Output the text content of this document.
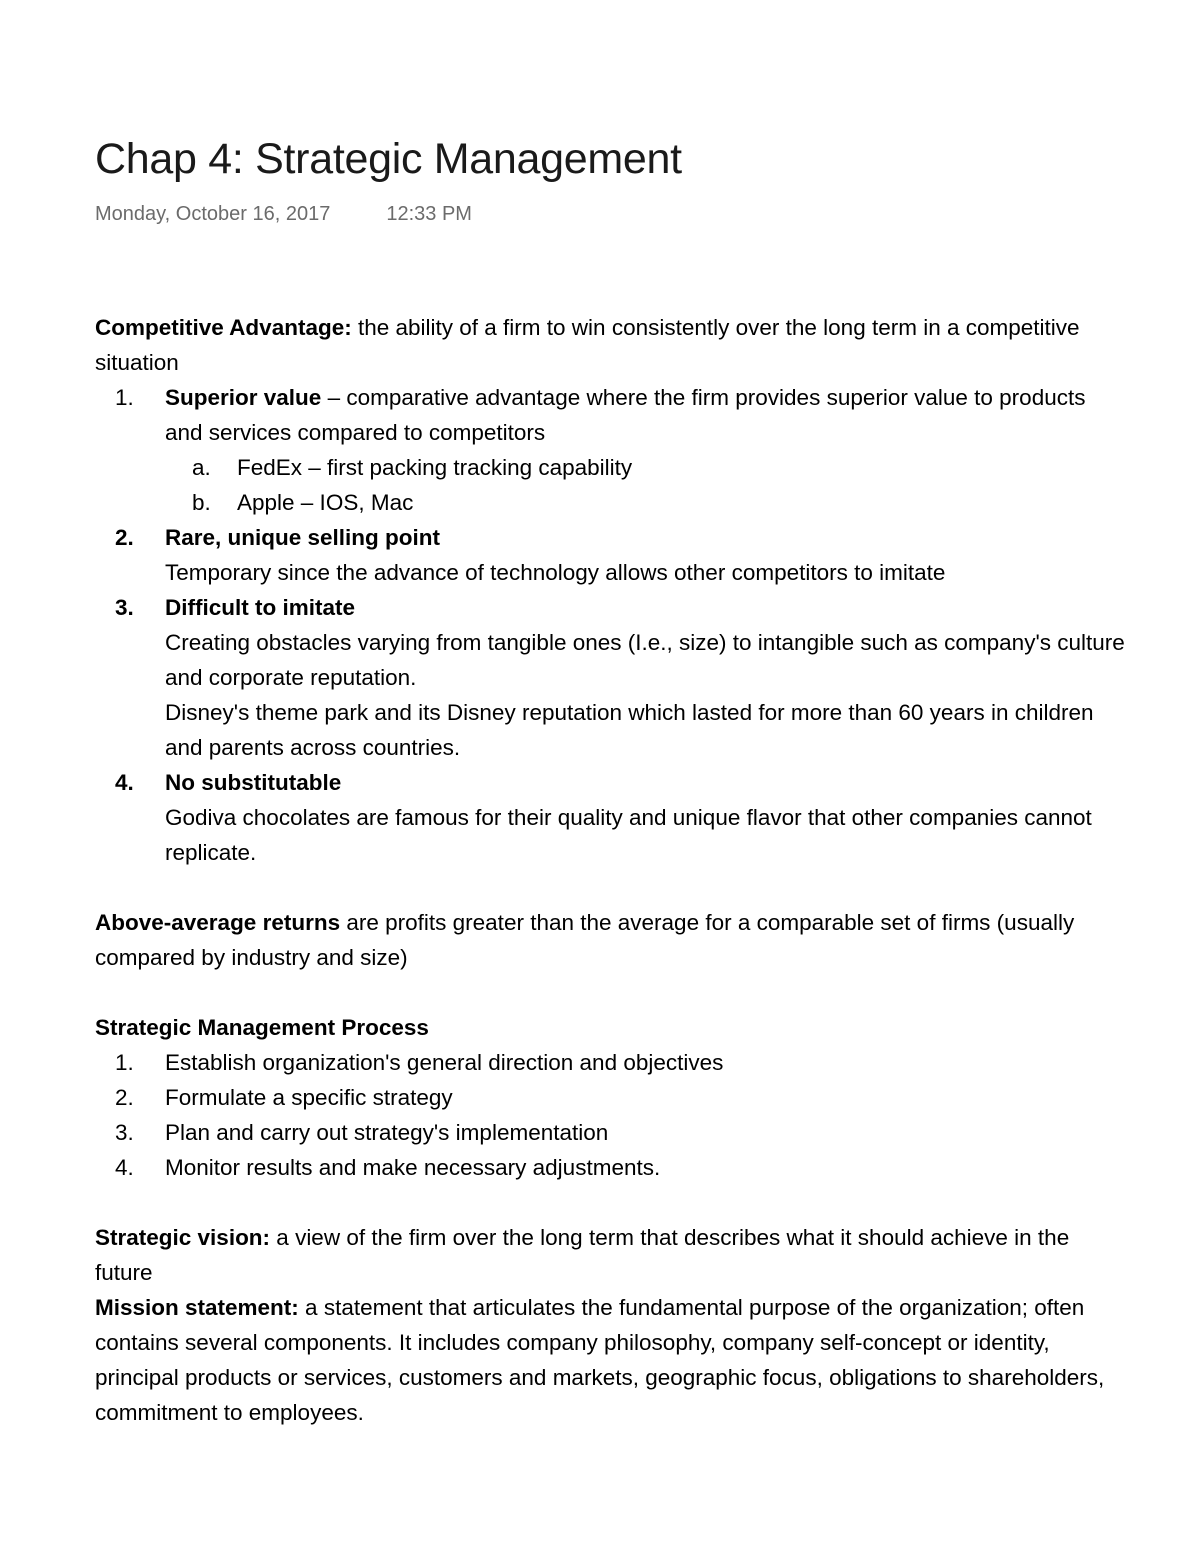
Chap 4: Strategic Management
Monday, October 16, 2017	12:33 PM

Competitive Advantage: the ability of a firm to win consistently over the long term in a competitive situation

1. Superior value – comparative advantage where the firm provides superior value to products and services compared to competitors
a. FedEx – first packing tracking capability
b. Apple – IOS, Mac
2. Rare, unique selling point
Temporary since the advance of technology allows other competitors to imitate
3. Difficult to imitate
Creating obstacles varying from tangible ones (I.e., size) to intangible such as company's culture and corporate reputation.
Disney's theme park and its Disney reputation which lasted for more than 60 years in children and parents across countries.
4. No substitutable
Godiva chocolates are famous for their quality and unique flavor that other companies cannot replicate.

Above-average returns are profits greater than the average for a comparable set of firms (usually compared by industry and size)

Strategic Management Process

1. Establish organization's general direction and objectives
2. Formulate a specific strategy
3. Plan and carry out strategy's implementation
4. Monitor results and make necessary adjustments.

Strategic vision: a view of the firm over the long term that describes what it should achieve in the future

Mission statement: a statement that articulates the fundamental purpose of the organization; often contains several components. It includes company philosophy, company self-concept or identity, principal products or services, customers and markets, geographic focus, obligations to shareholders, commitment to employees.
